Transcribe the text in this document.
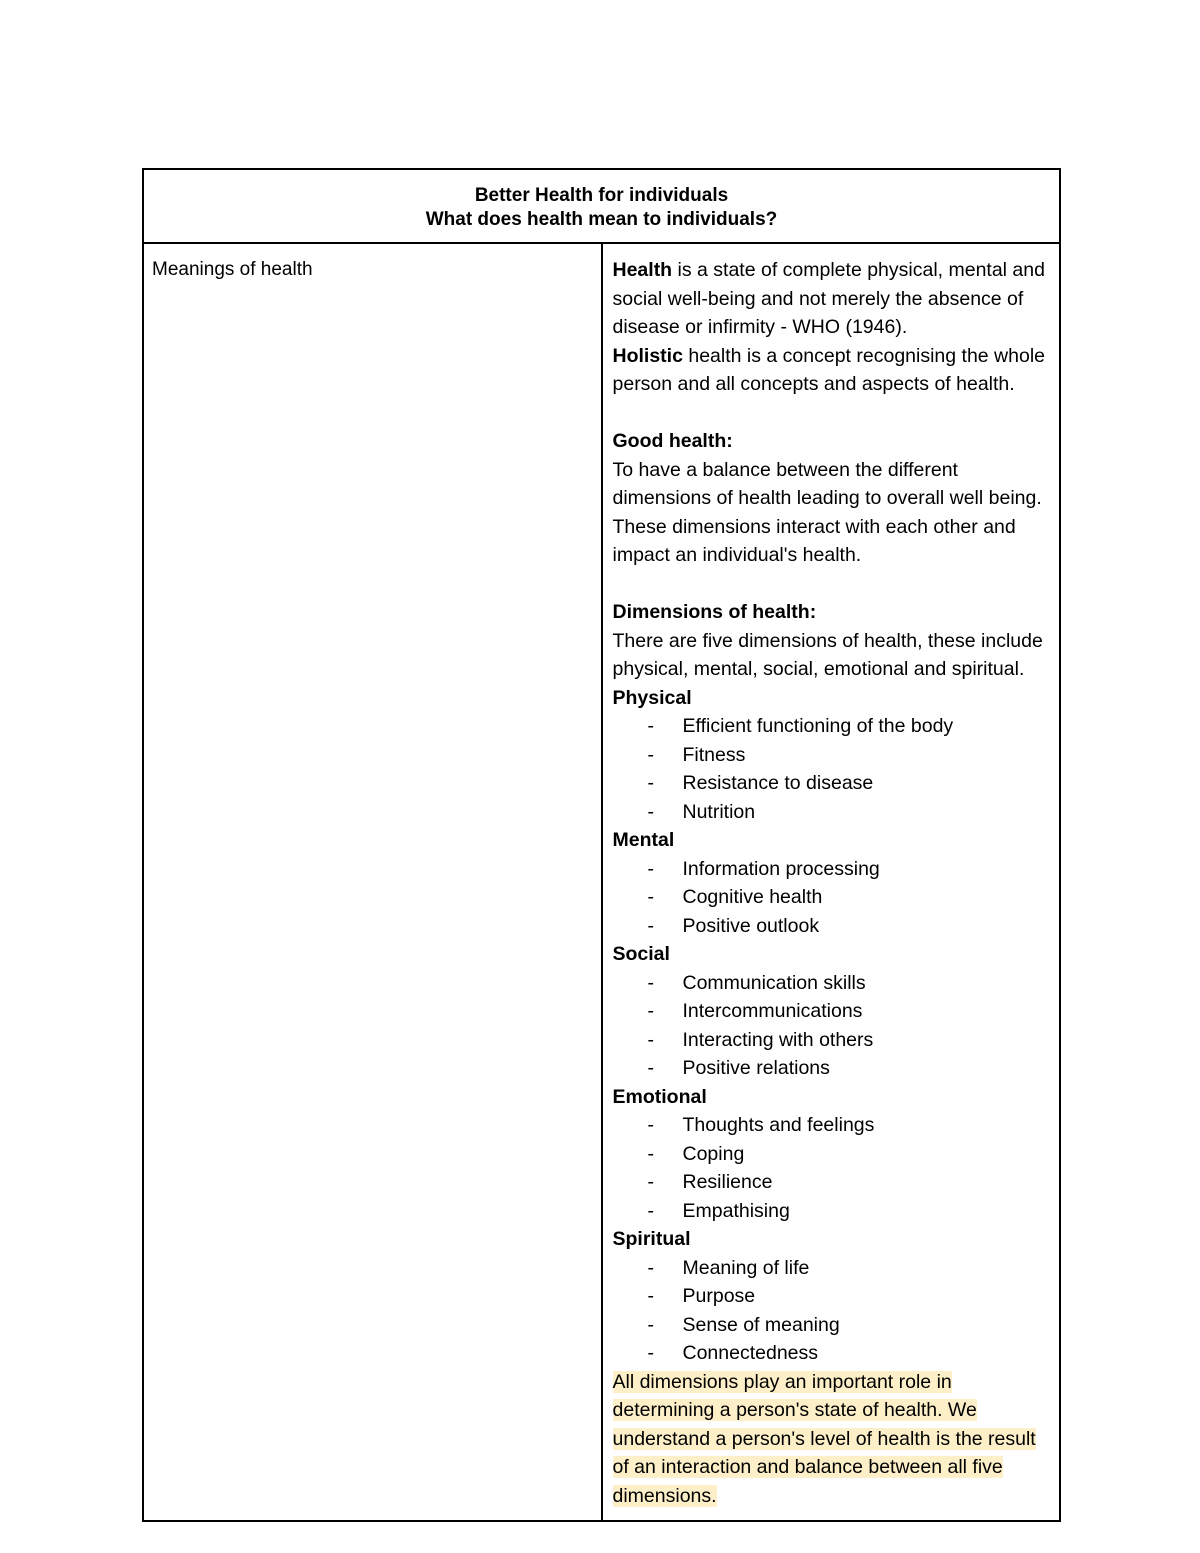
Better Health for individuals
What does health mean to individuals?

Meanings of health	Health is a state of complete physical, mental and social well-being and not merely the absence of disease or infirmity - WHO (1946).

Holistic health is a concept recognising the whole person and all concepts and aspects of health.

Good health:

To have a balance between the different dimensions of health leading to overall well being. These dimensions interact with each other and impact an individual's health.

Dimensions of health:

There are five dimensions of health, these include physical, mental, social, emotional and spiritual.

Physical
- Efficient functioning of the body
- Fitness
- Resistance to disease
- Nutrition
Mental
- Information processing
- Cognitive health
- Positive outlook
Social
- Communication skills
- Intercommunications
- Interacting with others
- Positive relations
Emotional
- Thoughts and feelings
- Coping
- Resilience
- Empathising
Spiritual
- Meaning of life
- Purpose
- Sense of meaning
- Connectedness

All dimensions play an important role in determining a person's state of health. We understand a person's level of health is the result of an interaction and balance between all five dimensions.
